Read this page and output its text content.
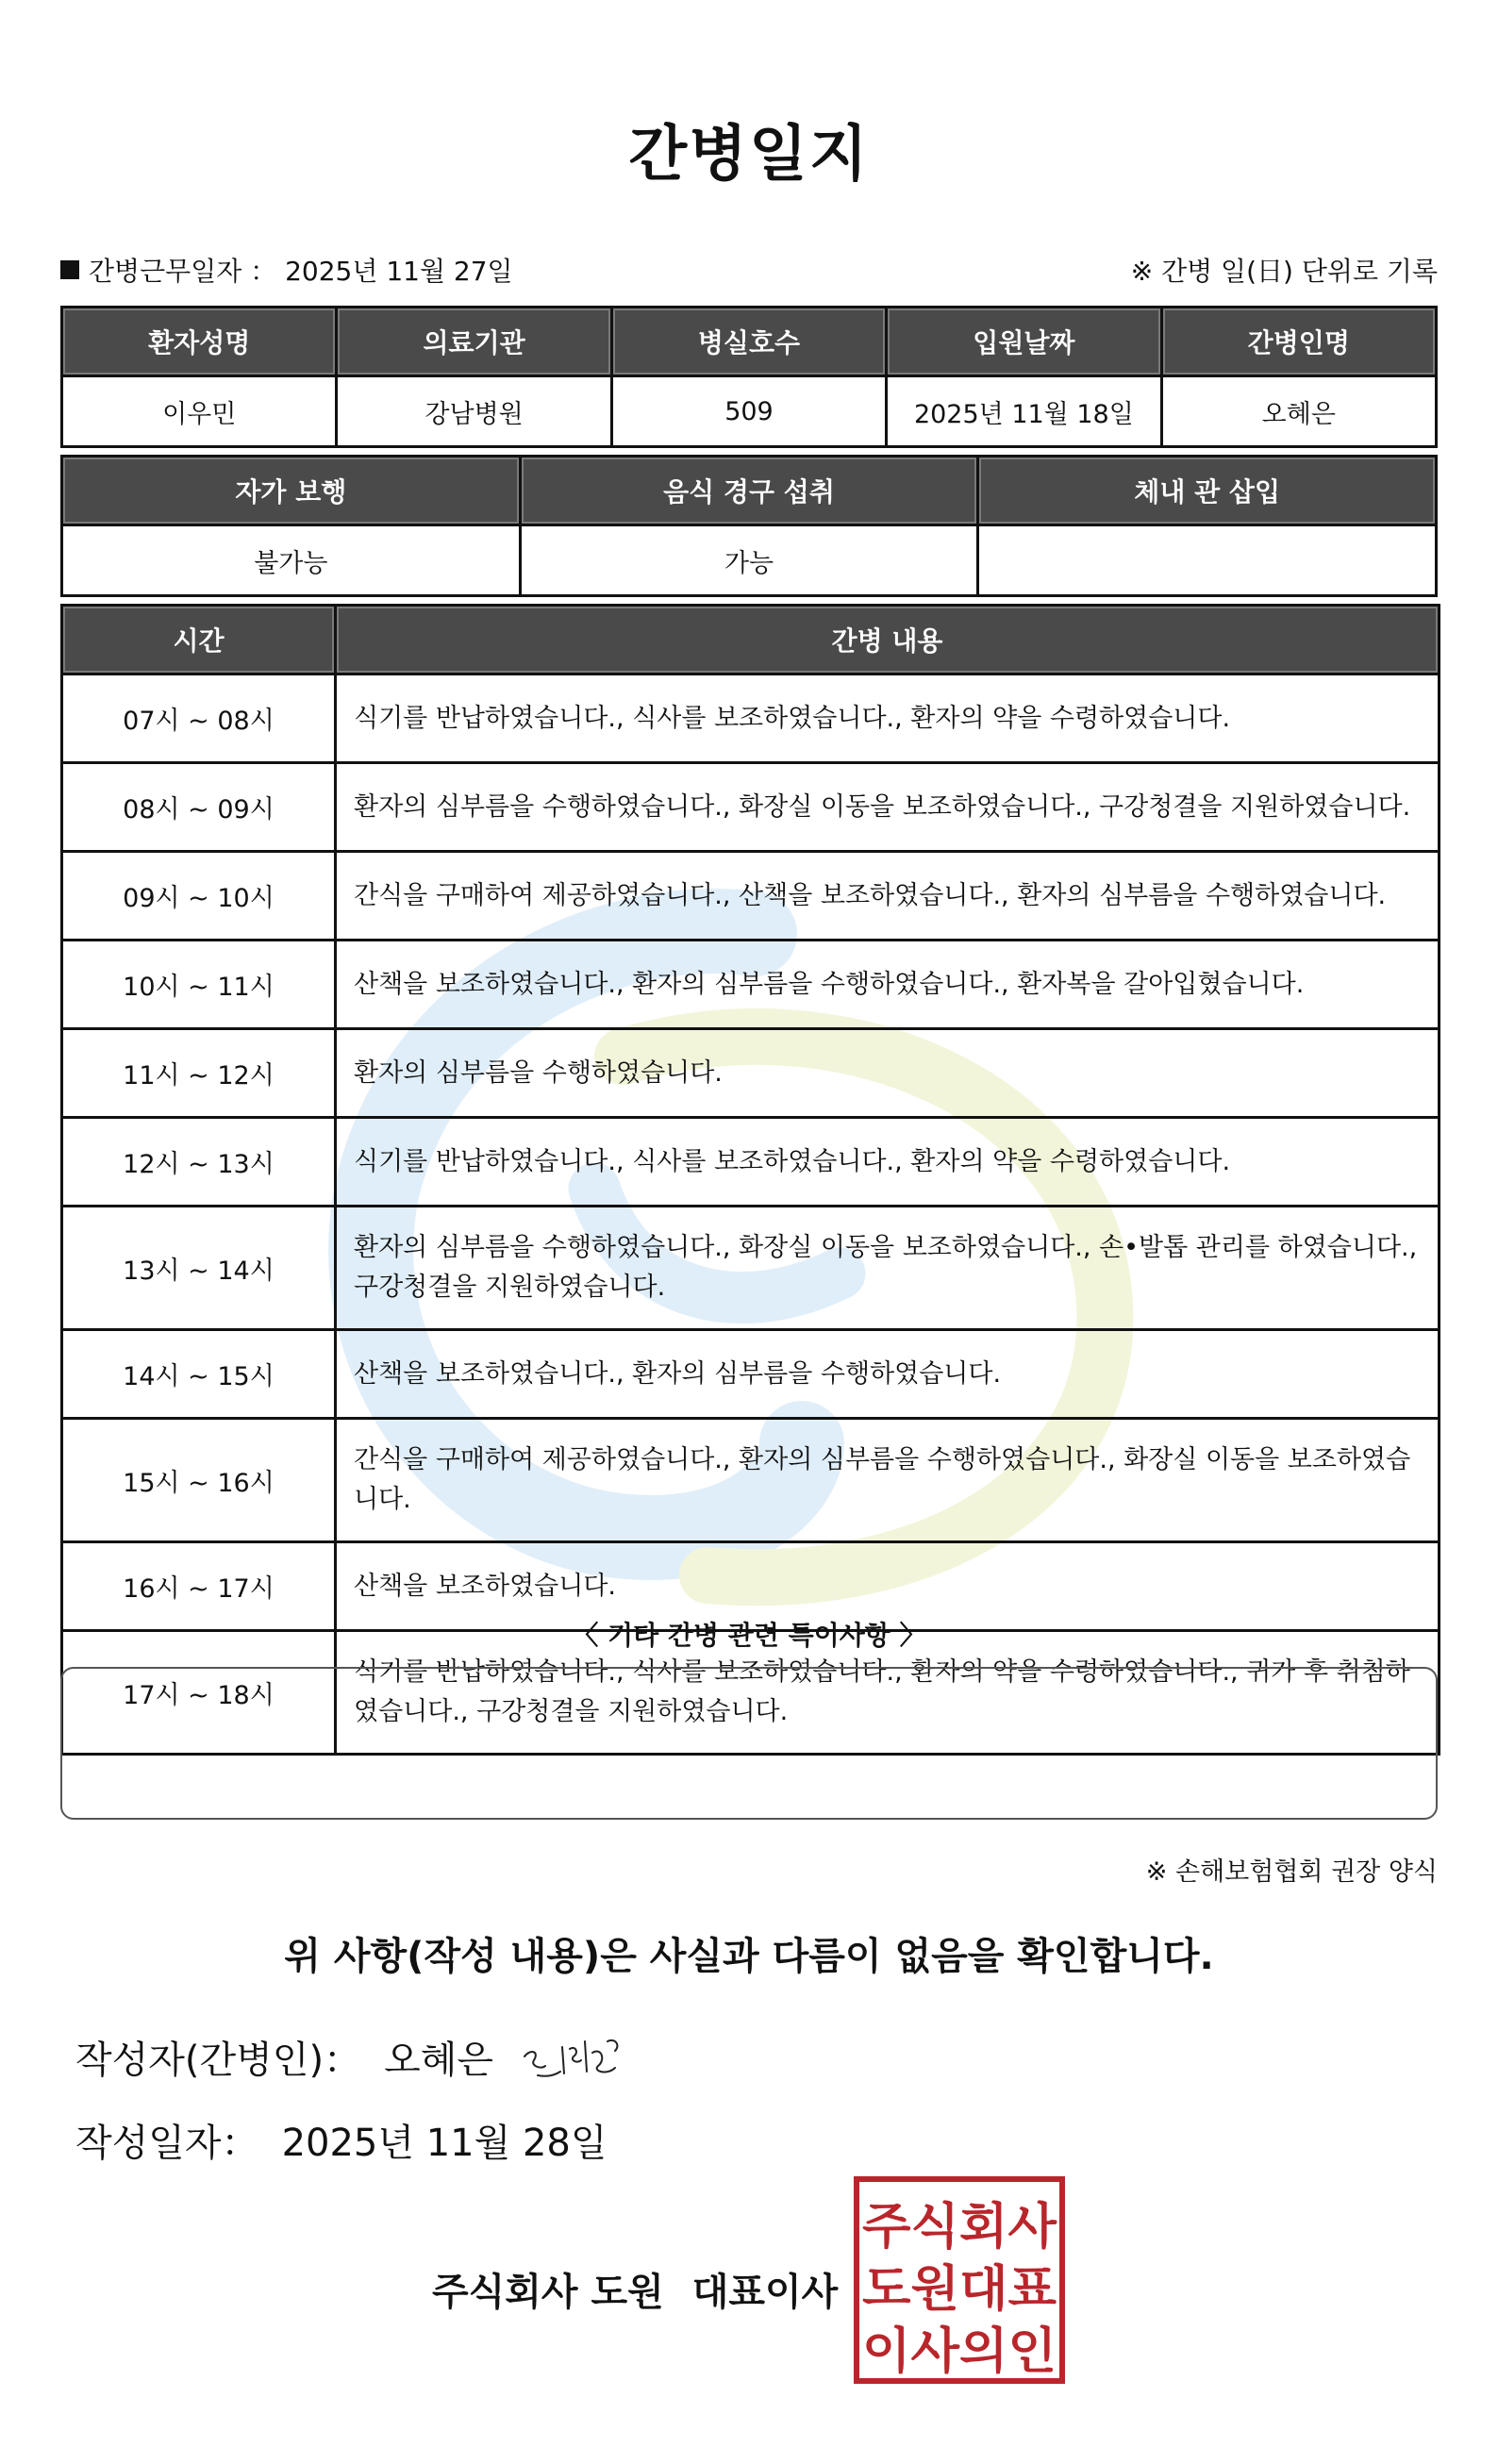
간병일지
간병근무일자 ： 2025년 11월 27일	※ 간병 일(日) 단위로 기록
환자성명	의료기관	병실호수	입원날짜	간병인명
이우민	강남병원	509	2025년 11월 18일	오혜은
자가 보행	음식 경구 섭취	체내 관 삽입
불가능	가능	
시간	간병 내용
07시 ~ 08시	식기를 반납하였습니다., 식사를 보조하였습니다., 환자의 약을 수령하였습니다.
08시 ~ 09시	환자의 심부름을 수행하였습니다., 화장실 이동을 보조하였습니다., 구강청결을 지원하였습니다.
09시 ~ 10시	간식을 구매하여 제공하였습니다., 산책을 보조하였습니다., 환자의 심부름을 수행하였습니다.
10시 ~ 11시	산책을 보조하였습니다., 환자의 심부름을 수행하였습니다., 환자복을 갈아입혔습니다.
11시 ~ 12시	환자의 심부름을 수행하였습니다.
12시 ~ 13시	식기를 반납하였습니다., 식사를 보조하였습니다., 환자의 약을 수령하였습니다.
13시 ~ 14시	환자의 심부름을 수행하였습니다., 화장실 이동을 보조하였습니다., 손•발톱 관리를 하였습니다., 구강청결을 지원하였습니다.
14시 ~ 15시	산책을 보조하였습니다., 환자의 심부름을 수행하였습니다.
15시 ~ 16시	간식을 구매하여 제공하였습니다., 환자의 심부름을 수행하였습니다., 화장실 이동을 보조하였습니다.
16시 ~ 17시	산책을 보조하였습니다.
17시 ~ 18시	식기를 반납하였습니다., 식사를 보조하였습니다., 환자의 약을 수령하였습니다., 귀가 후 취침하였습니다., 구강청결을 지원하였습니다.
〈 기타 간병 관련 특이사항 〉
※ 손해보험협회 권장 양식
위 사항(작성 내용)은 사실과 다름이 없음을 확인합니다.
작성자(간병인)： 오혜은
작성일자： 2025년 11월 28일
주식회사 도원 대표이사
주식회사
도원대표
이사의인
